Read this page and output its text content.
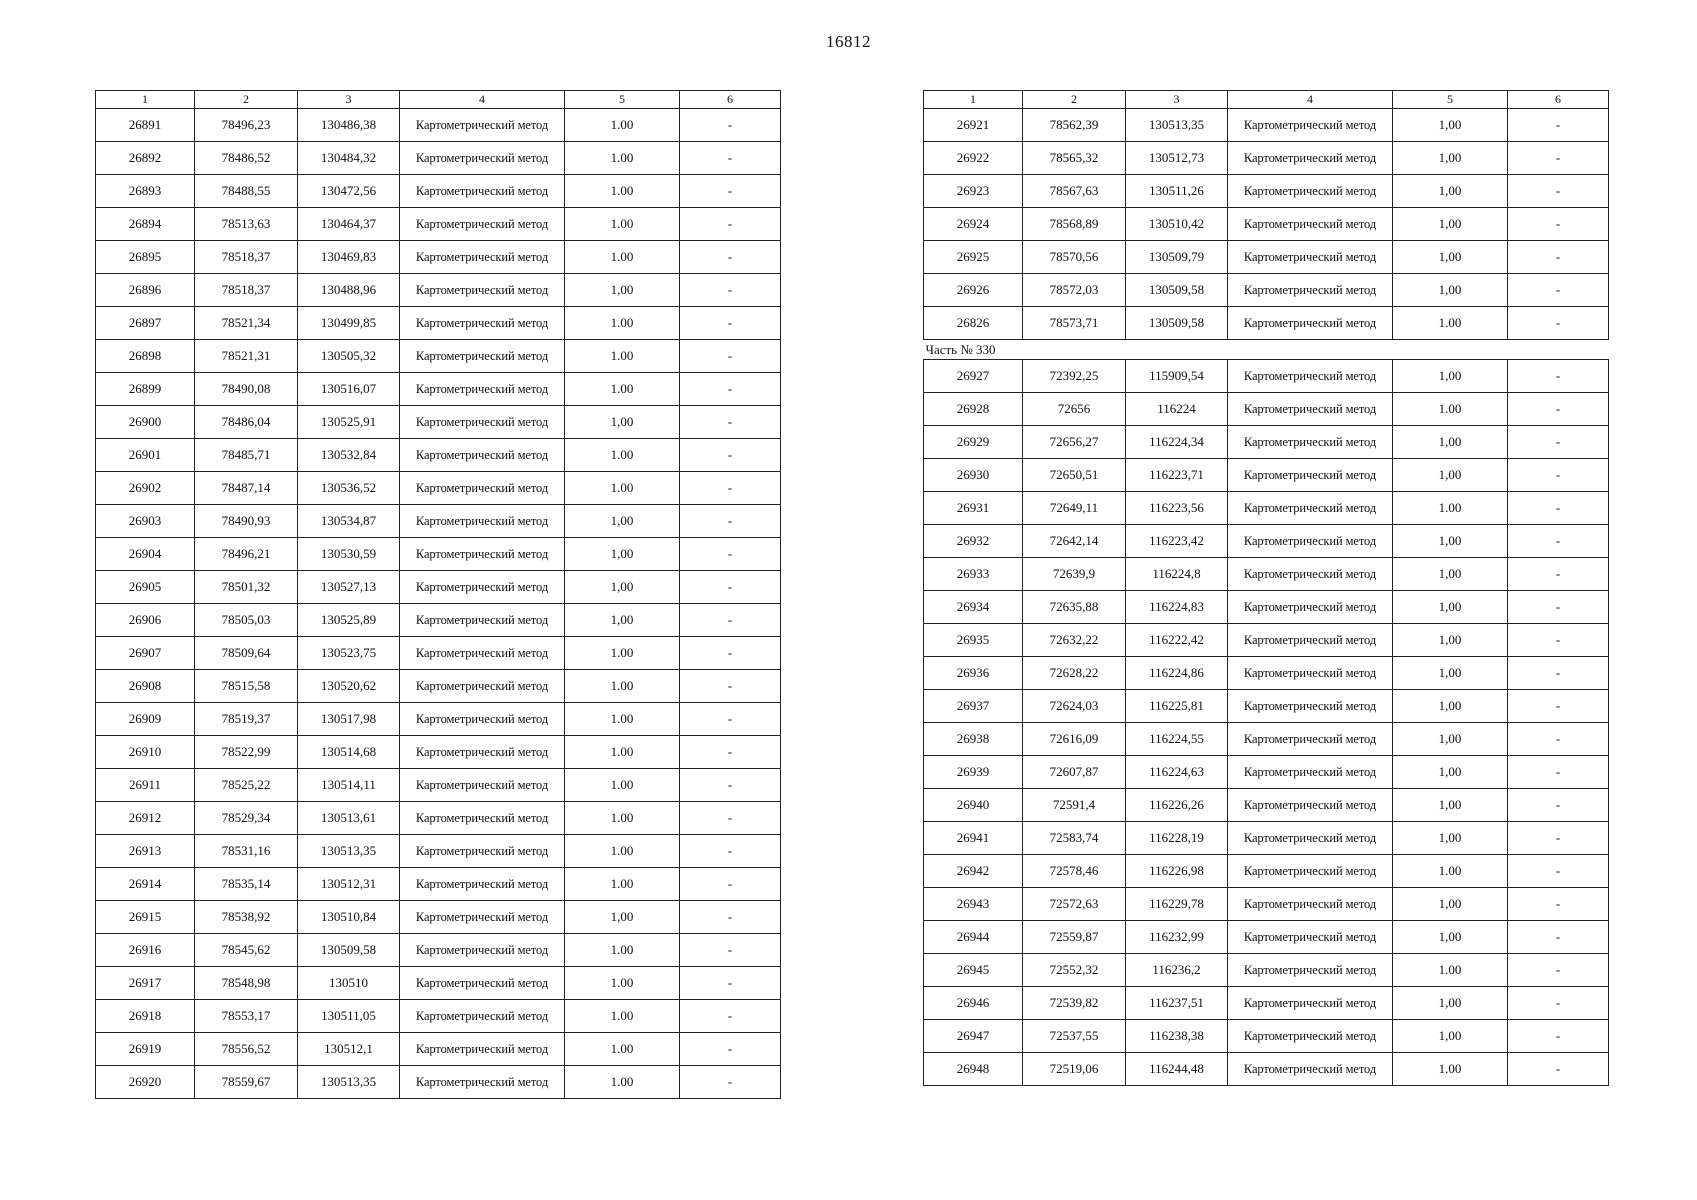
16812
1	2	3	4	5	6
26891	78496,23	130486,38	Картометрический метод	1.00	-
26892	78486,52	130484,32	Картометрический метод	1.00	-
26893	78488,55	130472,56	Картометрический метод	1.00	-
26894	78513,63	130464,37	Картометрический метод	1.00	-
26895	78518,37	130469,83	Картометрический метод	1.00	-
26896	78518,37	130488,96	Картометрический метод	1,00	-
26897	78521,34	130499,85	Картометрический метод	1.00	-
26898	78521,31	130505,32	Картометрический метод	1.00	-
26899	78490,08	130516,07	Картометрический метод	1.00	-
26900	78486,04	130525,91	Картометрический метод	1,00	-
26901	78485,71	130532,84	Картометрический метод	1.00	-
26902	78487,14	130536,52	Картометрический метод	1.00	-
26903	78490,93	130534,87	Картометрический метод	1,00	-
26904	78496,21	130530,59	Картометрический метод	1,00	-
26905	78501,32	130527,13	Картометрический метод	1,00	-
26906	78505,03	130525,89	Картометрический метод	1,00	-
26907	78509,64	130523,75	Картометрический метод	1.00	-
26908	78515,58	130520,62	Картометрический метод	1.00	-
26909	78519,37	130517,98	Картометрический метод	1.00	-
26910	78522,99	130514,68	Картометрический метод	1.00	-
26911	78525,22	130514,11	Картометрический метод	1.00	-
26912	78529,34	130513,61	Картометрический метод	1.00	-
26913	78531,16	130513,35	Картометрический метод	1.00	-
26914	78535,14	130512,31	Картометрический метод	1.00	-
26915	78538,92	130510,84	Картометрический метод	1,00	-
26916	78545,62	130509,58	Картометрический метод	1.00	-
26917	78548,98	130510	Картометрический метод	1.00	-
26918	78553,17	130511,05	Картометрический метод	1.00	-
26919	78556,52	130512,1	Картометрический метод	1.00	-
26920	78559,67	130513,35	Картометрический метод	1.00	-
1	2	3	4	5	6
26921	78562,39	130513,35	Картометрический метод	1,00	-
26922	78565,32	130512,73	Картометрический метод	1,00	-
26923	78567,63	130511,26	Картометрический метод	1,00	-
26924	78568,89	130510,42	Картометрический метод	1,00	-
26925	78570,56	130509,79	Картометрический метод	1,00	-
26926	78572,03	130509,58	Картометрический метод	1,00	-
26826	78573,71	130509,58	Картометрический метод	1.00	-
Часть № 330					
26927	72392,25	115909,54	Картометрический метод	1,00	-
26928	72656	116224	Картометрический метод	1.00	-
26929	72656,27	116224,34	Картометрический метод	1,00	-
26930	72650,51	116223,71	Картометрический метод	1,00	-
26931	72649,11	116223,56	Картометрический метод	1.00	-
26932	72642,14	116223,42	Картометрический метод	1,00	-
26933	72639,9	116224,8	Картометрический метод	1,00	-
26934	72635,88	116224,83	Картометрический метод	1,00	-
26935	72632,22	116222,42	Картометрический метод	1,00	-
26936	72628,22	116224,86	Картометрический метод	1,00	-
26937	72624,03	116225,81	Картометрический метод	1,00	-
26938	72616,09	116224,55	Картометрический метод	1,00	-
26939	72607,87	116224,63	Картометрический метод	1,00	-
26940	72591,4	116226,26	Картометрический метод	1,00	-
26941	72583,74	116228,19	Картометрический метод	1,00	-
26942	72578,46	116226,98	Картометрический метод	1.00	-
26943	72572,63	116229,78	Картометрический метод	1,00	-
26944	72559,87	116232,99	Картометрический метод	1,00	-
26945	72552,32	116236,2	Картометрический метод	1.00	-
26946	72539,82	116237,51	Картометрический метод	1,00	-
26947	72537,55	116238,38	Картометрический метод	1,00	-
26948	72519,06	116244,48	Картометрический метод	1.00	-
